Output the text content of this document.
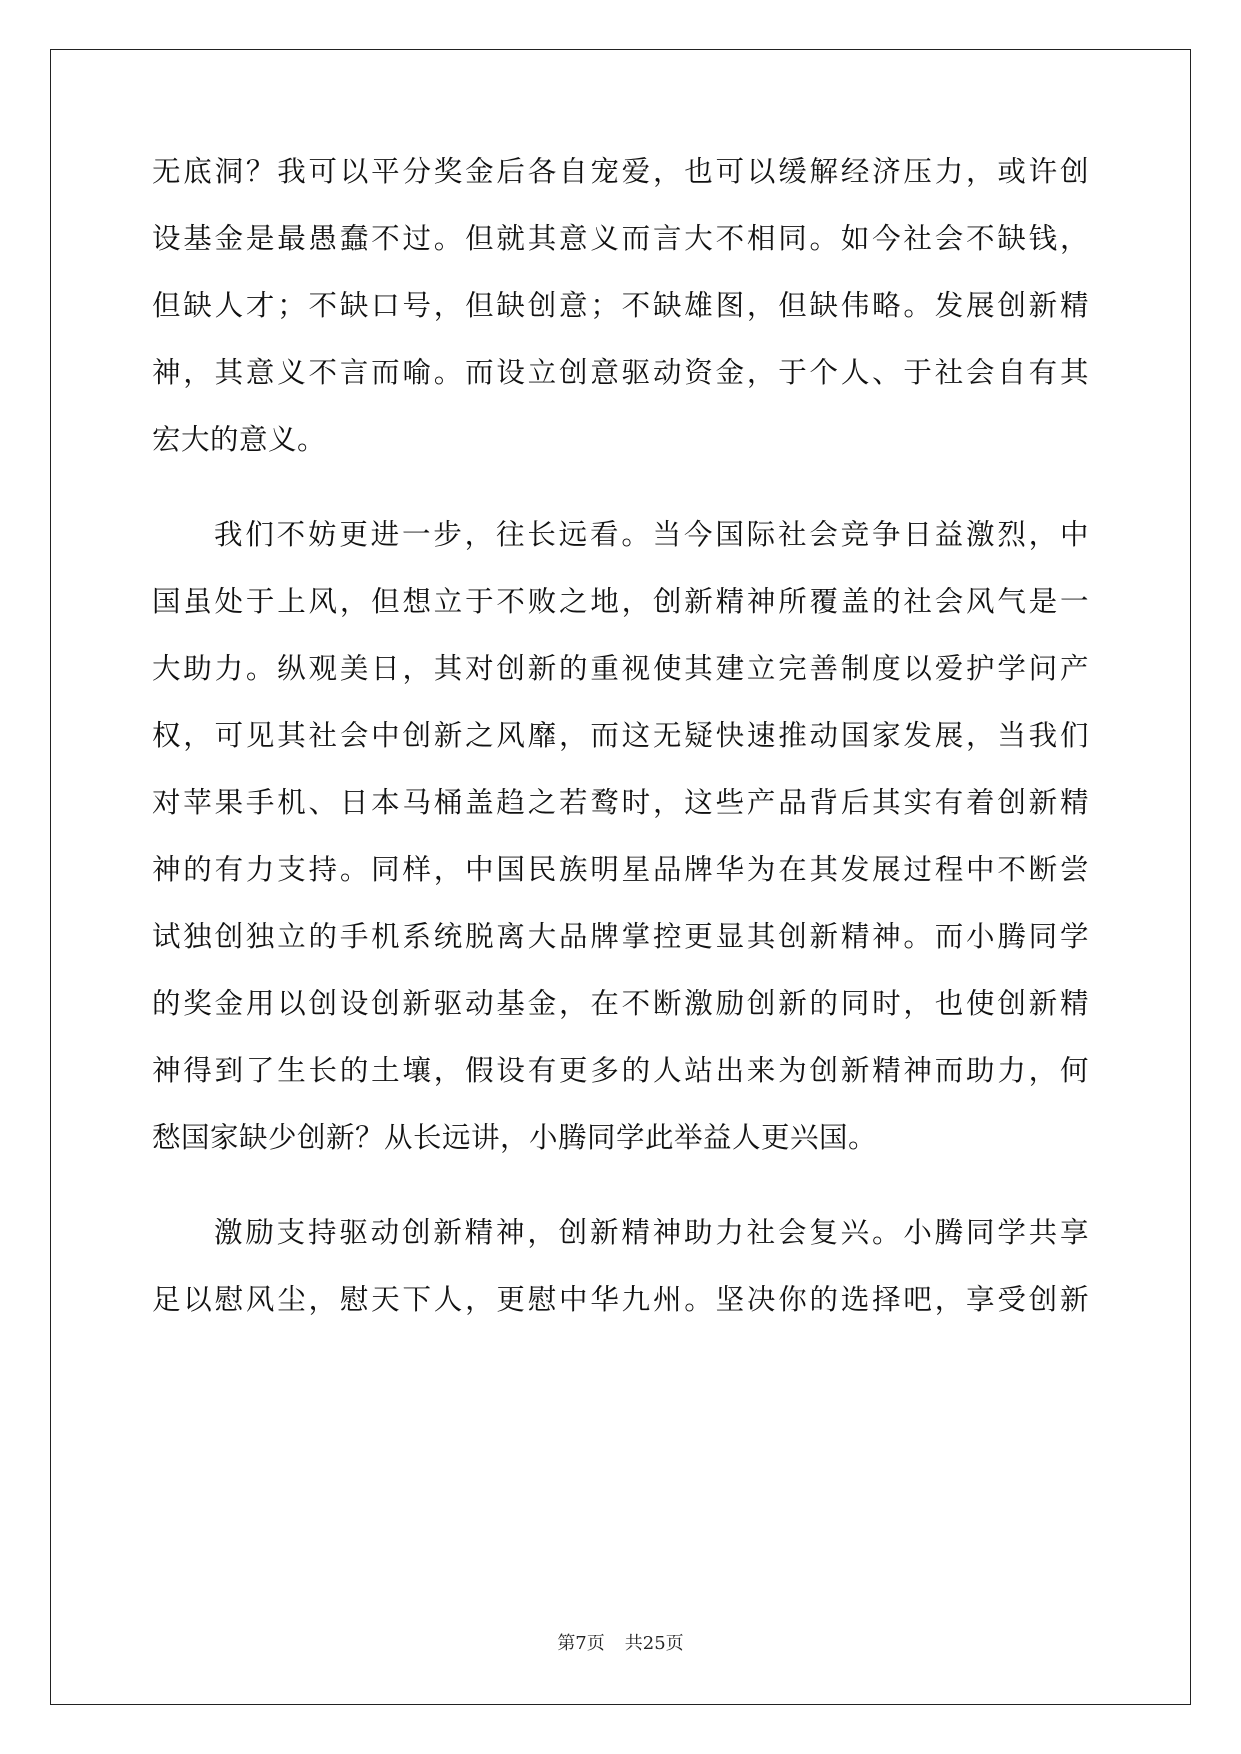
无底洞？我可以平分奖金后各自宠爱，也可以缓解经济压力，或许创
设基金是最愚蠢不过。但就其意义而言大不相同。如今社会不缺钱，
但缺人才；不缺口号，但缺创意；不缺雄图，但缺伟略。发展创新精
神，其意义不言而喻。而设立创意驱动资金，于个人、于社会自有其
宏大的意义。
我们不妨更进一步，往长远看。当今国际社会竞争日益激烈，中
国虽处于上风，但想立于不败之地，创新精神所覆盖的社会风气是一
大助力。纵观美日，其对创新的重视使其建立完善制度以爱护学问产
权，可见其社会中创新之风靡，而这无疑快速推动国家发展，当我们
对苹果手机、日本马桶盖趋之若鹜时，这些产品背后其实有着创新精
神的有力支持。同样，中国民族明星品牌华为在其发展过程中不断尝
试独创独立的手机系统脱离大品牌掌控更显其创新精神。而小腾同学
的奖金用以创设创新驱动基金，在不断激励创新的同时，也使创新精
神得到了生长的土壤，假设有更多的人站出来为创新精神而助力，何
愁国家缺少创新？从长远讲，小腾同学此举益人更兴国。
激励支持驱动创新精神，创新精神助力社会复兴。小腾同学共享
足以慰风尘，慰天下人，更慰中华九州。坚决你的选择吧，享受创新
第7页 共25页
